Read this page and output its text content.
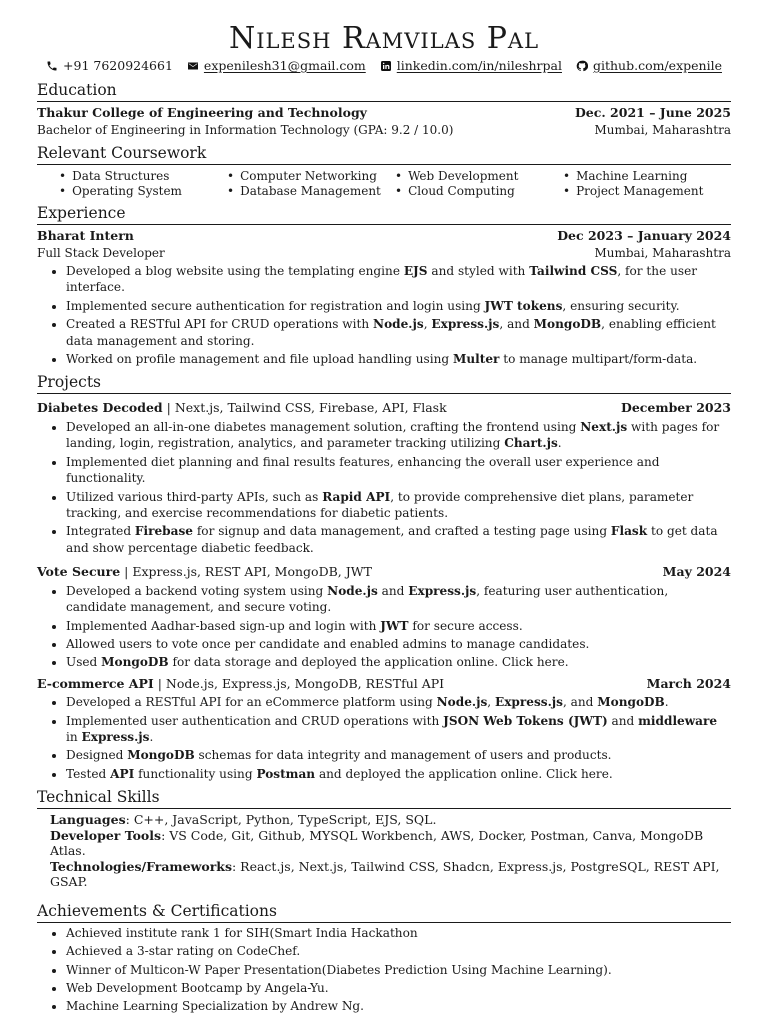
Nilesh Ramvilas Pal
+91 7620924661 expenilesh31@gmail.com linkedin.com/in/nileshrpal github.com/expenile
Education
Thakur College of Engineering and Technology	Dec. 2021 – June 2025
Bachelor of Engineering in Information Technology (GPA: 9.2 / 10.0)	Mumbai, Maharashtra
Relevant Coursework
• Data Structures
• Operating System
• Computer Networking
• Database Management
• Web Development
• Cloud Computing
• Machine Learning
• Project Management
Experience
Bharat Intern	Dec 2023 – January 2024
Full Stack Developer	Mumbai, Maharashtra
• Developed a blog website using the templating engine EJS and styled with Tailwind CSS, for the user interface.
• Implemented secure authentication for registration and login using JWT tokens, ensuring security.
• Created a RESTful API for CRUD operations with Node.js, Express.js, and MongoDB, enabling efficient data management and storing.
• Worked on profile management and file upload handling using Multer to manage multipart/form-data.
Projects
Diabetes Decoded | Next.js, Tailwind CSS, Firebase, API, Flask	December 2023
• Developed an all-in-one diabetes management solution, crafting the frontend using Next.js with pages for landing, login, registration, analytics, and parameter tracking utilizing Chart.js.
• Implemented diet planning and final results features, enhancing the overall user experience and functionality.
• Utilized various third-party APIs, such as Rapid API, to provide comprehensive diet plans, parameter tracking, and exercise recommendations for diabetic patients.
• Integrated Firebase for signup and data management, and crafted a testing page using Flask to get data and show percentage diabetic feedback.
Vote Secure | Express.js, REST API, MongoDB, JWT	May 2024
• Developed a backend voting system using Node.js and Express.js, featuring user authentication, candidate management, and secure voting.
• Implemented Aadhar-based sign-up and login with JWT for secure access.
• Allowed users to vote once per candidate and enabled admins to manage candidates.
• Used MongoDB for data storage and deployed the application online. Click here.
E-commerce API | Node.js, Express.js, MongoDB, RESTful API	March 2024
• Developed a RESTful API for an eCommerce platform using Node.js, Express.js, and MongoDB.
• Implemented user authentication and CRUD operations with JSON Web Tokens (JWT) and middleware in Express.js.
• Designed MongoDB schemas for data integrity and management of users and products.
• Tested API functionality using Postman and deployed the application online. Click here.
Technical Skills
Languages: C++, JavaScript, Python, TypeScript, EJS, SQL.
Developer Tools: VS Code, Git, Github, MYSQL Workbench, AWS, Docker, Postman, Canva, MongoDB Atlas.
Technologies/Frameworks: React.js, Next.js, Tailwind CSS, Shadcn, Express.js, PostgreSQL, REST API, GSAP.
Achievements & Certifications
• Achieved institute rank 1 for SIH(Smart India Hackathon
• Achieved a 3-star rating on CodeChef.
• Winner of Multicon-W Paper Presentation(Diabetes Prediction Using Machine Learning).
• Web Development Bootcamp by Angela-Yu.
• Machine Learning Specialization by Andrew Ng.
